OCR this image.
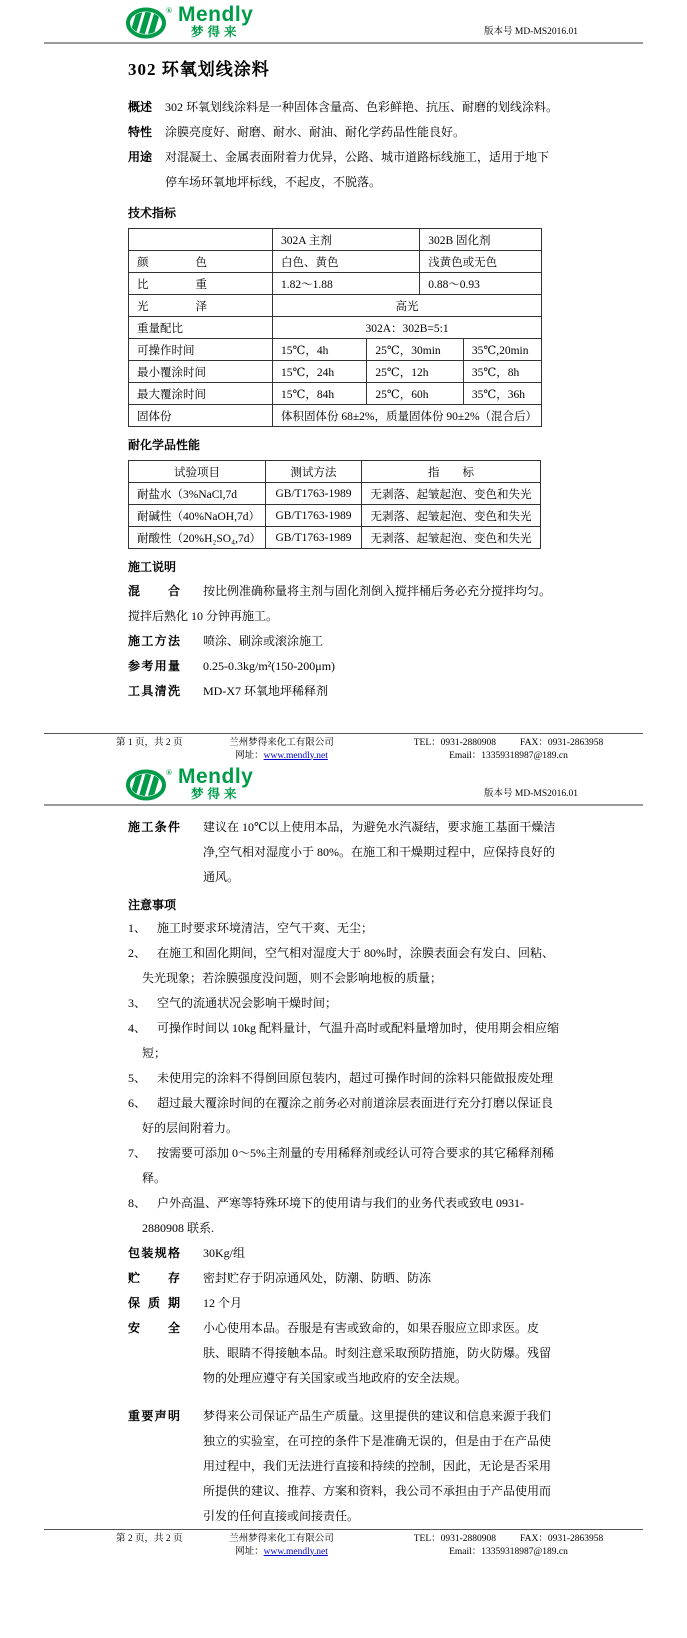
® Mendly
梦得来	版本号 MD-MS2016.01
302 环氧划线涂料
概述 302 环氧划线涂料是一种固体含量高、色彩鲜艳、抗压、耐磨的划线涂料。
特性 涂膜亮度好、耐磨、耐水、耐油、耐化学药品性能良好。
用途 对混凝土、金属表面附着力优异，公路、城市道路标线施工，适用于地下停车场环氧地坪标线，不起皮，不脱落。
技术指标
	302A 主剂		302B 固化剂	
颜色	白色、黄色		浅黄色或无色	
比重	1.82～1.88		0.88～0.93	
光泽	高光			
重量配比	302A：302B=5:1			
可操作时间	15℃，4h	25℃，30min		35℃,20min
最小覆涂时间	15℃，24h	25℃，12h		35℃，8h
最大覆涂时间	15℃，84h	25℃，60h		35℃，36h
固体份	体积固体份 68±2%，质量固体份 90±2%（混合后）			
耐化学品性能
试验项目	测试方法	指标
耐盐水（3%NaCl,7d	GB/T1763-1989	无剥落、起皱起泡、变色和失光
耐碱性（40%NaOH,7d）	GB/T1763-1989	无剥落、起皱起泡、变色和失光
耐酸性（20%H₂SO₄,7d）	GB/T1763-1989	无剥落、起皱起泡、变色和失光
施工说明

混合 按比例准确称量将主剂与固化剂倒入搅拌桶后务必充分搅拌均匀。搅拌后熟化 10 分钟再施工。

施工方法 喷涂、刷涂或滚涂施工
参考用量 0.25-0.3kg/m²(150-200μm)
工具清洗 MD-X7 环氧地坪稀释剂
第 1 页，共 2 页	兰州梦得来化工有限公司
网址：www.mendly.net
TEL：0931-2880908	FAX：0931-2863958
Email：13359318987@189.cn
® Mendly
梦得来	版本号 MD-MS2016.01
施工条件 建议在 10℃以上使用本品，为避免水汽凝结，要求施工基面干燥洁净,空气相对湿度小于 80%。在施工和干燥期过程中，应保持良好的通风。
注意事项

1、 施工时要求环境清洁，空气干爽、无尘；

2、 在施工和固化期间，空气相对湿度大于 80%时，涂膜表面会有发白、回粘、失光现象；若涂膜强度没问题，则不会影响地板的质量；

3、 空气的流通状况会影响干燥时间；

4、 可操作时间以 10kg 配料量计，气温升高时或配料量增加时，使用期会相应缩短；

5、 未使用完的涂料不得倒回原包装内，超过可操作时间的涂料只能做报废处理

6、 超过最大覆涂时间的在覆涂之前务必对前道涂层表面进行充分打磨以保证良好的层间附着力。

7、 按需要可添加 0～5%主剂量的专用稀释剂或经认可符合要求的其它稀释剂稀释。

8、 户外高温、严寒等特殊环境下的使用请与我们的业务代表或致电 0931-2880908 联系.

包装规格 30Kg/组
贮存 密封贮存于阴凉通风处，防潮、防晒、防冻
保质期 12 个月
安全 小心使用本品。吞服是有害或致命的，如果吞服应立即求医。皮肤、眼睛不得接触本品。时刻注意采取预防措施，防火防爆。残留物的处理应遵守有关国家或当地政府的安全法规。
重要声明 梦得来公司保证产品生产质量。这里提供的建议和信息来源于我们独立的实验室，在可控的条件下是准确无误的，但是由于在产品使用过程中，我们无法进行直接和持续的控制，因此，无论是否采用所提供的建议、推荐、方案和资料，我公司不承担由于产品使用而引发的任何直接或间接责任。
第 2 页，共 2 页	兰州梦得来化工有限公司
网址：www.mendly.net
TEL：0931-2880908	FAX：0931-2863958
Email：13359318987@189.cn
